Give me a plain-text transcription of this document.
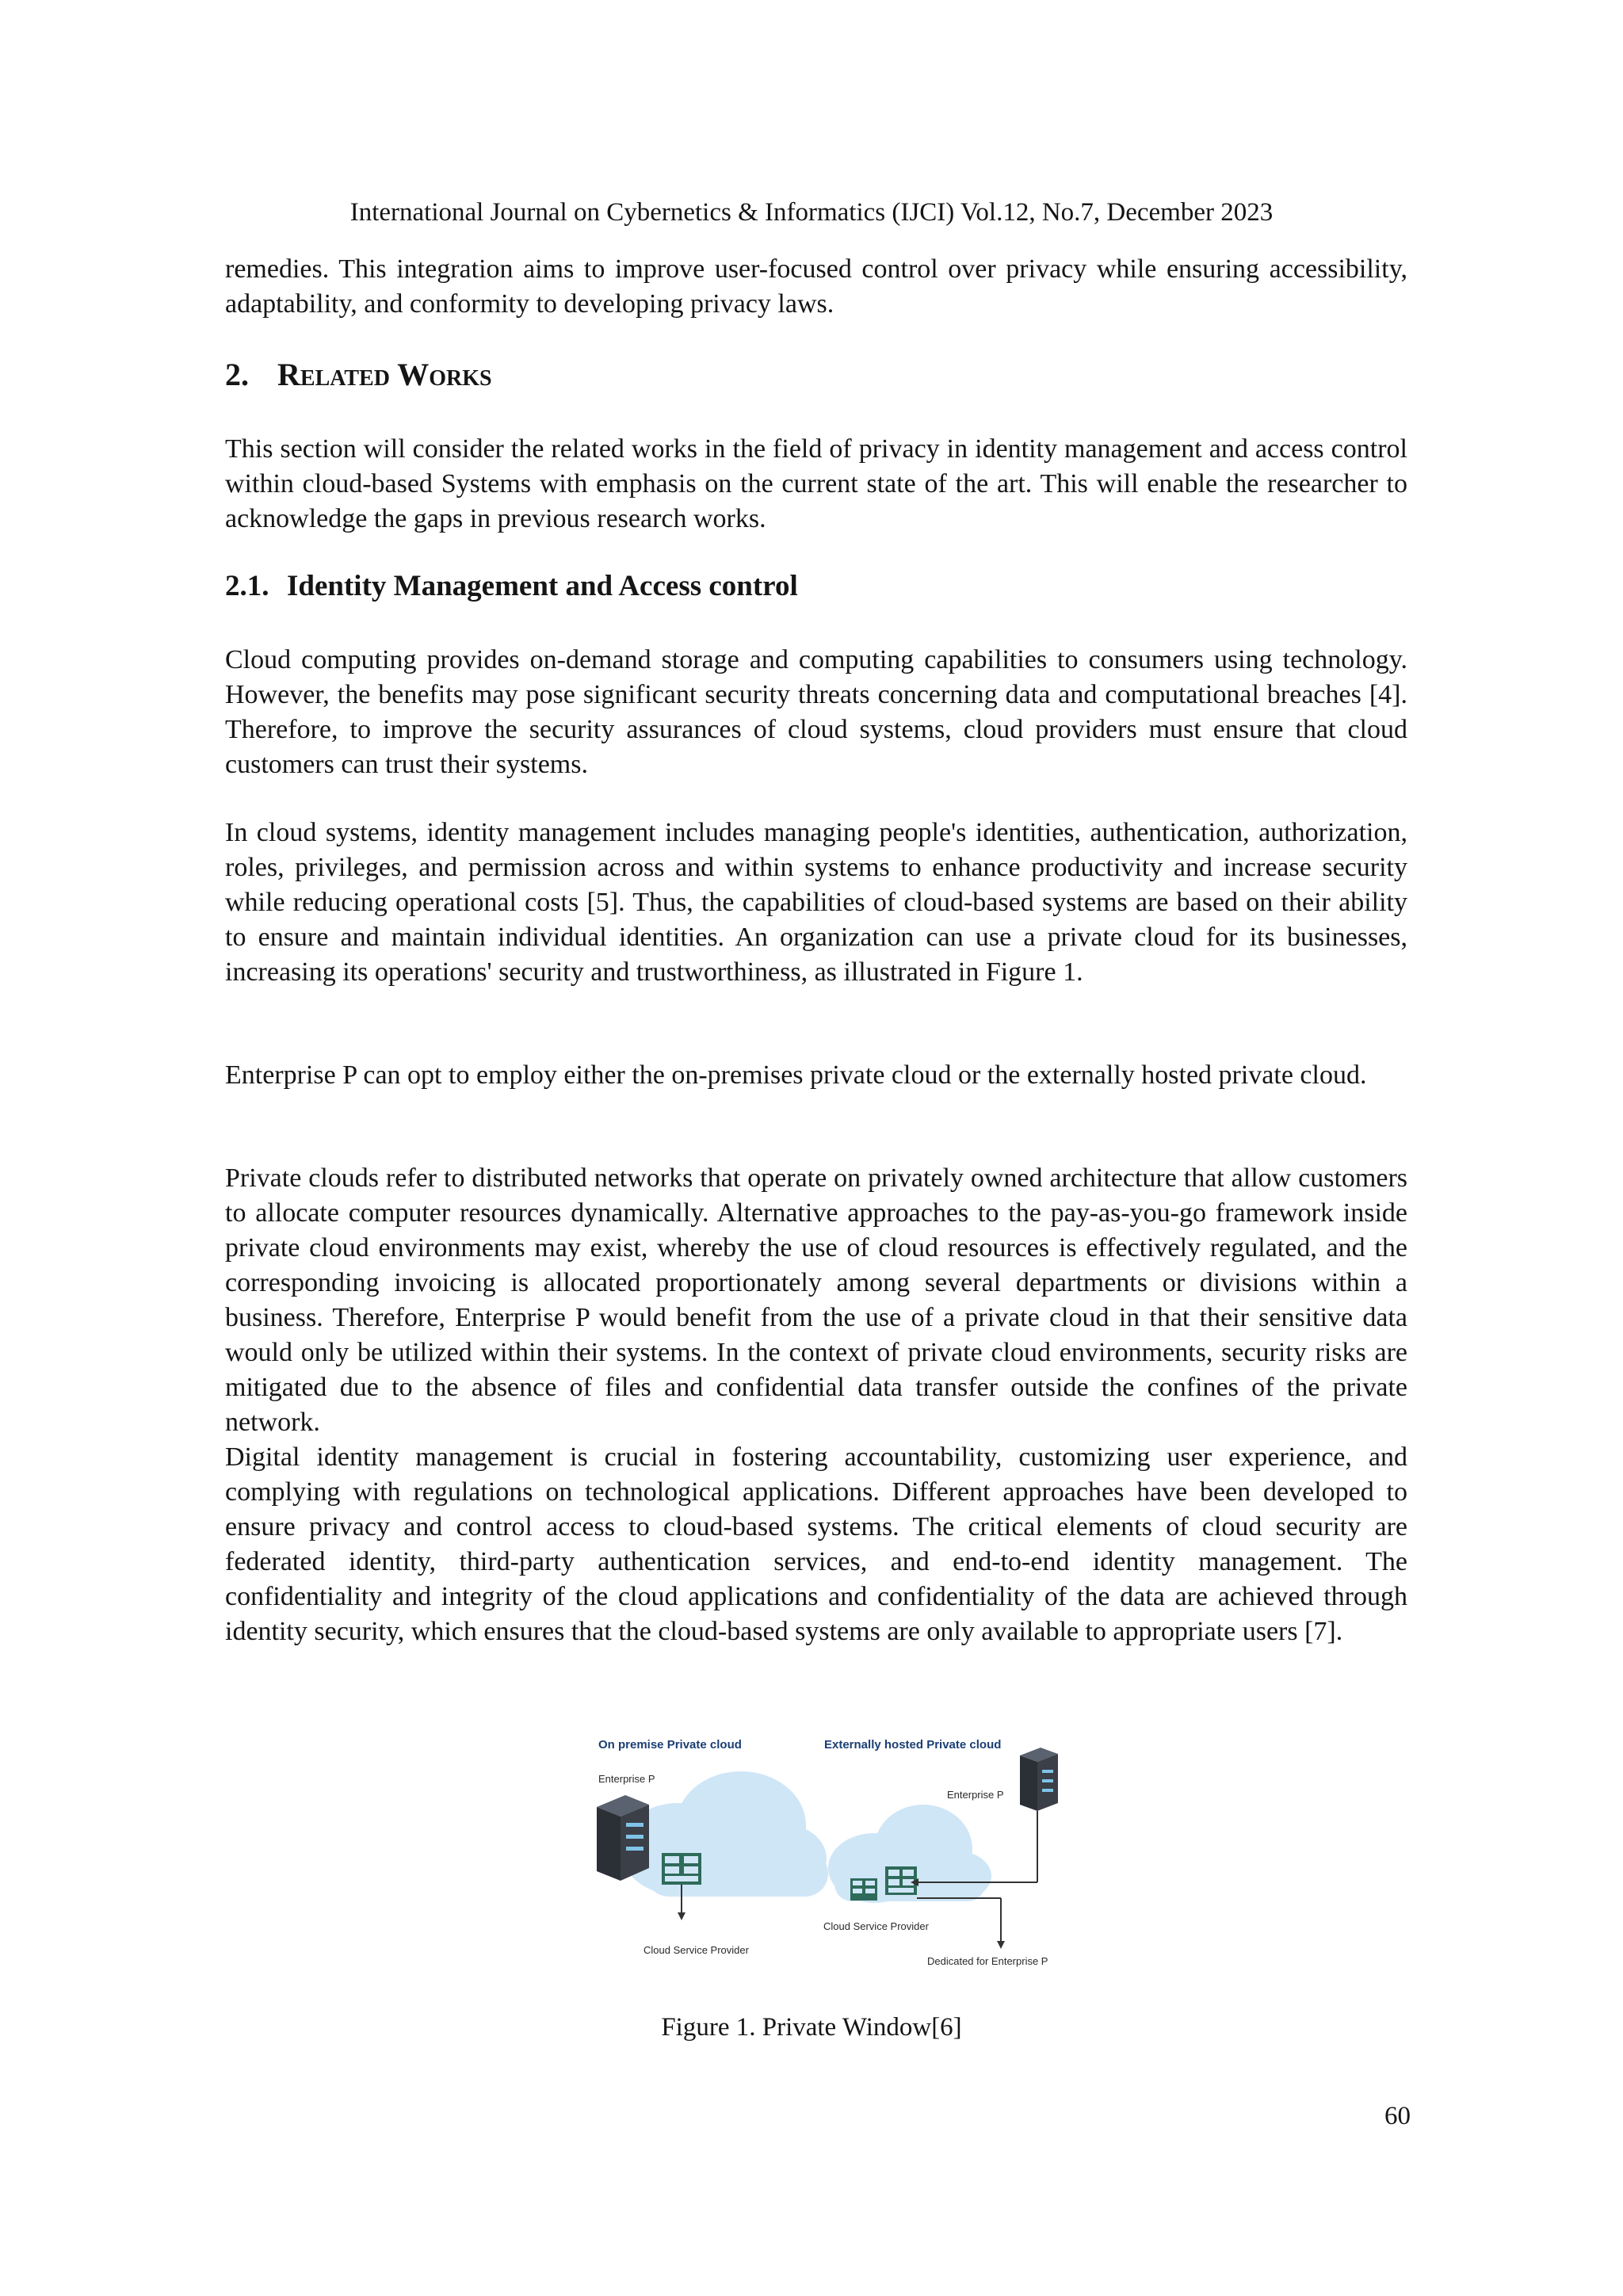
International Journal on Cybernetics & Informatics (IJCI) Vol.12, No.7, December 2023

remedies. This integration aims to improve user-focused control over privacy while ensuring accessibility, adaptability, and conformity to developing privacy laws.

2. Related Works

This section will consider the related works in the field of privacy in identity management and access control within cloud-based Systems with emphasis on the current state of the art. This will enable the researcher to acknowledge the gaps in previous research works.

2.1. Identity Management and Access control

Cloud computing provides on-demand storage and computing capabilities to consumers using technology. However, the benefits may pose significant security threats concerning data and computational breaches [4]. Therefore, to improve the security assurances of cloud systems, cloud providers must ensure that cloud customers can trust their systems.

In cloud systems, identity management includes managing people's identities, authentication, authorization, roles, privileges, and permission across and within systems to enhance productivity and increase security while reducing operational costs [5]. Thus, the capabilities of cloud-based systems are based on their ability to ensure and maintain individual identities. An organization can use a private cloud for its businesses, increasing its operations' security and trustworthiness, as illustrated in Figure 1.

Enterprise P can opt to employ either the on-premises private cloud or the externally hosted private cloud.

Private clouds refer to distributed networks that operate on privately owned architecture that allow customers to allocate computer resources dynamically. Alternative approaches to the pay-as-you-go framework inside private cloud environments may exist, whereby the use of cloud resources is effectively regulated, and the corresponding invoicing is allocated proportionately among several departments or divisions within a business. Therefore, Enterprise P would benefit from the use of a private cloud in that their sensitive data would only be utilized within their systems. In the context of private cloud environments, security risks are mitigated due to the absence of files and confidential data transfer outside the confines of the private network.

Digital identity management is crucial in fostering accountability, customizing user experience, and complying with regulations on technological applications. Different approaches have been developed to ensure privacy and control access to cloud-based systems. The critical elements of cloud security are federated identity, third-party authentication services, and end-to-end identity management. The confidentiality and integrity of the cloud applications and confidentiality of the data are achieved through identity security, which ensures that the cloud-based systems are only available to appropriate users [7].

On premise Private cloud	Externally hosted Private cloud
Enterprise P
Enterprise P
Cloud Service Provider
Cloud Service Provider
Dedicated for Enterprise P
Figure 1. Private Window[6]
60
